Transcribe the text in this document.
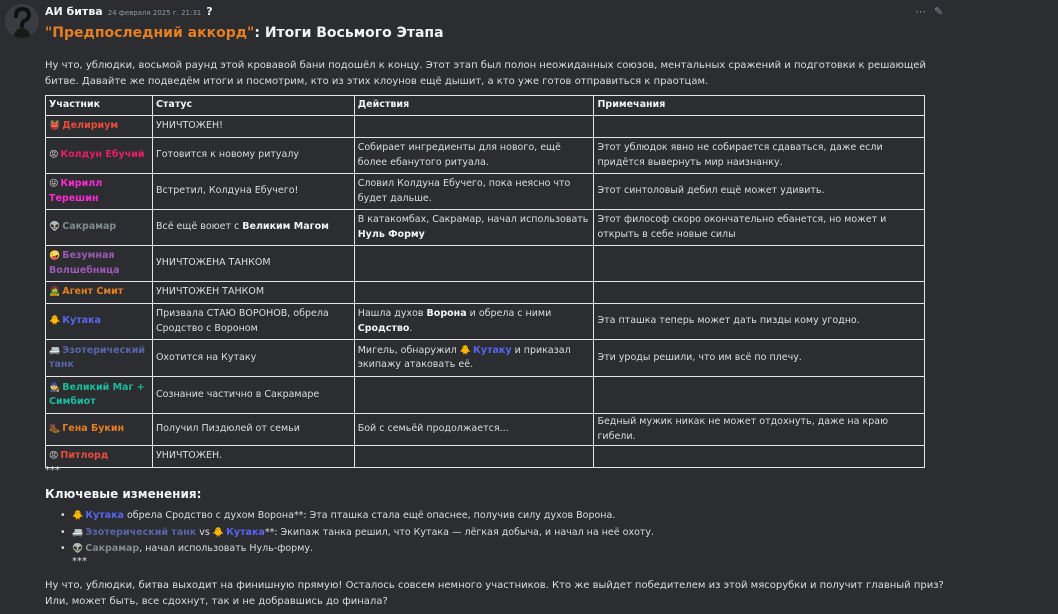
АИ битва 24 февраля 2025 г. 21:31 ?	⋯ ✎
"Предпоследний аккорд": Итоги Восьмого Этапа
Ну что, ублюдки, восьмой раунд этой кровавой бани подошёл к концу. Этот этап был полон неожиданных союзов, ментальных сражений и подготовки к решающей битве. Давайте же подведём итоги и посмотрим, кто из этих клоунов ещё дышит, а кто уже готов отправиться к праотцам.
Участник	Статус	Действия	Примечания
👹 Делириум	УНИЧТОЖЕН!		
😡 Колдун Ебучий	Готовится к новому ритуалу	Собирает ингредиенты для нового, ещё более ебанутого ритуала.	Этот ублюдок явно не собирается сдаваться, даже если придётся вывернуть мир наизнанку.
😜 Кирилл Терешин	Встретил, Колдуна Ебучего!	Словил Колдуна Ебучего, пока неясно что будет дальше.	Этот синтоловый дебил ещё может удивить.
👽 Сакрамар	Всё ещё воюет с Великим Магом	В катакомбах, Сакрамар, начал использовать Нуль Форму	Этот философ скоро окончательно ебанется, но может и открыть в себе новые силы
🤪 Безумная Волшебница	УНИЧТОЖЕНА ТАНКОМ		
🧟 Агент Смит	УНИЧТОЖЕН ТАНКОМ		
🐥 Кутака	Призвала СТАЮ ВОРОНОВ, обрела Сродство с Вороном	Нашла духов Ворона и обрела с ними Сродство.	Эта пташка теперь может дать пизды кому угодно.
🚐 Эзотерический танк	Охотится на Кутаку	Мигель, обнаружил 🐥 Кутаку и приказал экипажу атаковать её.	Эти уроды решили, что им всё по плечу.
🧙 Великий Маг + Симбиот	Сознание частично в Сакрамаре		
🥾 Гена Букин	Получил Пиздюлей от семьи	Бой с семьёй продолжается...	Бедный мужик никак не может отдохнуть, даже на краю гибели.
😡 Питлорд	УНИЧТОЖЕН.		
***
Ключевые изменения:
• 🐥 Кутака обрела Сродство с духом Ворона**: Эта пташка стала ещё опаснее, получив силу духов Ворона.
• 🚐 Эзотерический танк vs 🐥 Кутака**: Экипаж танка решил, что Кутака — лёгкая добыча, и начал на неё охоту.
• 👽 Сакрамар, начал использовать Нуль-форму.
***
Ну что, ублюдки, битва выходит на финишную прямую! Осталось совсем немного участников. Кто же выйдет победителем из этой мясорубки и получит главный приз? Или, может быть, все сдохнут, так и не добравшись до финала?
